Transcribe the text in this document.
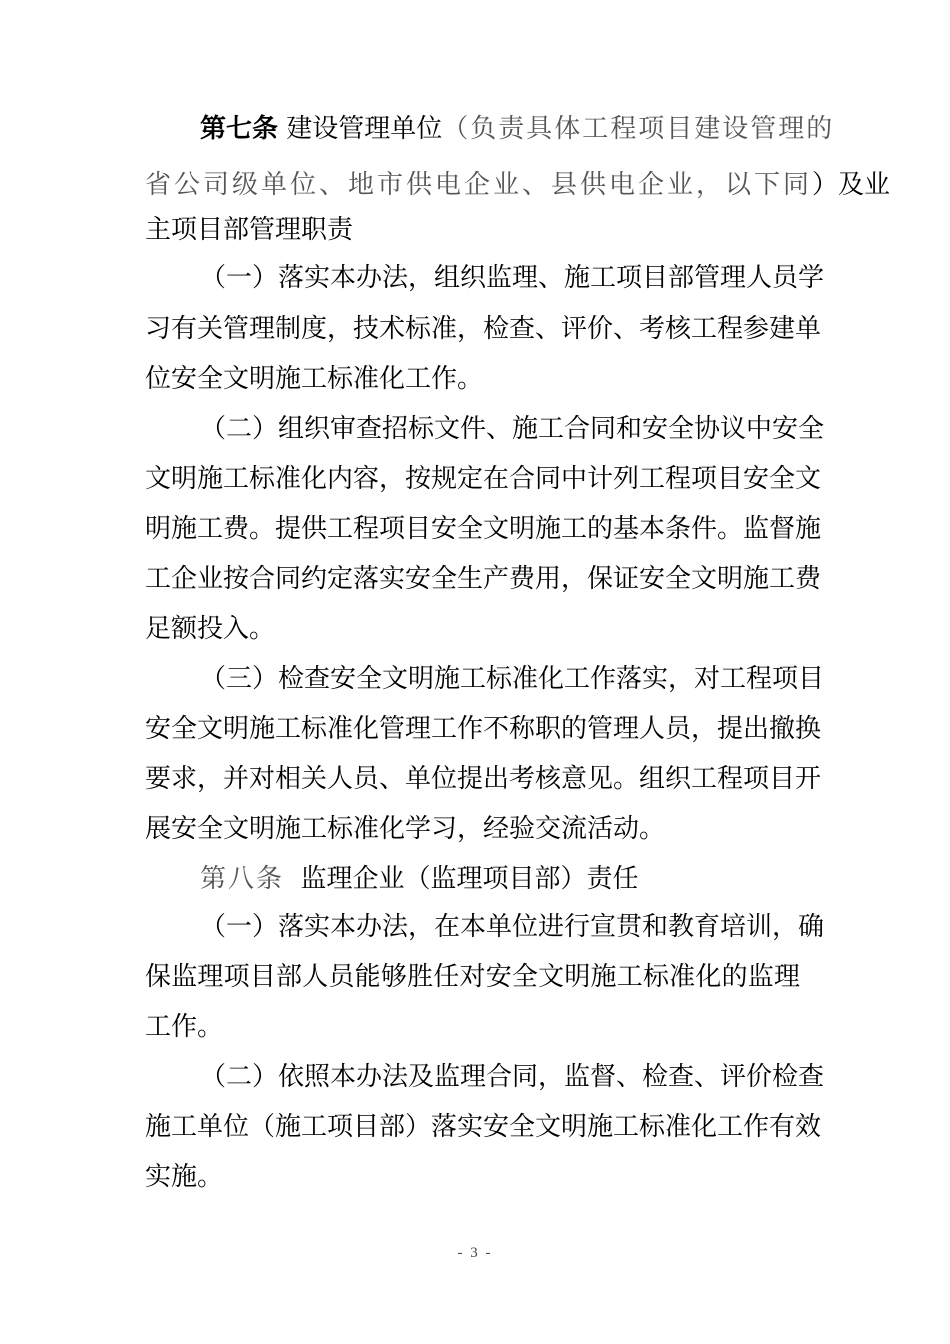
第七条 建设管理单位（负责具体工程项目建设管理的
省公司级单位、地市供电企业、县供电企业，以下同）及业
主项目部管理职责
（一）落实本办法，组织监理、施工项目部管理人员学
习有关管理制度，技术标准，检查、评价、考核工程参建单
位安全文明施工标准化工作。
（二）组织审查招标文件、施工合同和安全协议中安全
文明施工标准化内容，按规定在合同中计列工程项目安全文
明施工费。提供工程项目安全文明施工的基本条件。监督施
工企业按合同约定落实安全生产费用，保证安全文明施工费
足额投入。
（三）检查安全文明施工标准化工作落实，对工程项目
安全文明施工标准化管理工作不称职的管理人员，提出撤换
要求，并对相关人员、单位提出考核意见。组织工程项目开
展安全文明施工标准化学习，经验交流活动。
第八条 监理企业（监理项目部）责任
（一）落实本办法，在本单位进行宣贯和教育培训，确
保监理项目部人员能够胜任对安全文明施工标准化的监理
工作。
（二）依照本办法及监理合同，监督、检查、评价检查
施工单位（施工项目部）落实安全文明施工标准化工作有效
实施。
- 3 -
